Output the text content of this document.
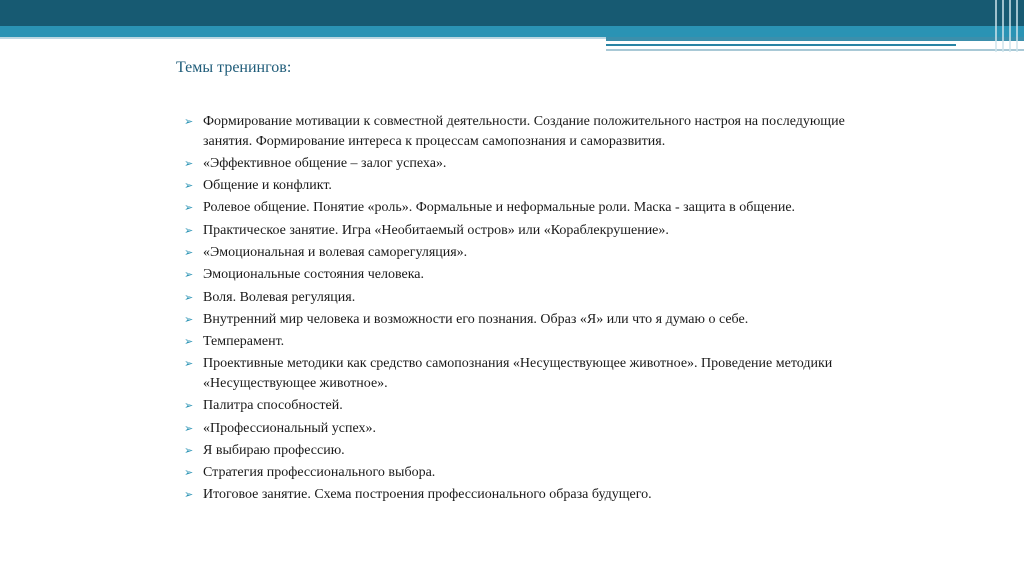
Темы тренингов:
➢ Формирование мотивации к совместной деятельности. Создание положительного настроя на последующие занятия. Формирование интереса к процессам самопознания и саморазвития.
➢ «Эффективное общение – залог успеха».
➢ Общение и конфликт.
➢ Ролевое общение. Понятие «роль». Формальные и неформальные роли. Маска - защита в общение.
➢ Практическое занятие. Игра «Необитаемый остров» или «Кораблекрушение».
➢ «Эмоциональная и волевая саморегуляция».
➢ Эмоциональные состояния человека.
➢ Воля. Волевая регуляция.
➢ Внутренний мир человека и возможности его познания. Образ «Я» или что я думаю о себе.
➢ Темперамент.
➢ Проективные методики как средство самопознания «Несуществующее животное». Проведение методики «Несуществующее животное».
➢ Палитра способностей.
➢ «Профессиональный успех».
➢ Я выбираю профессию.
➢ Стратегия профессионального выбора.
➢ Итоговое занятие. Схема построения профессионального образа будущего.
